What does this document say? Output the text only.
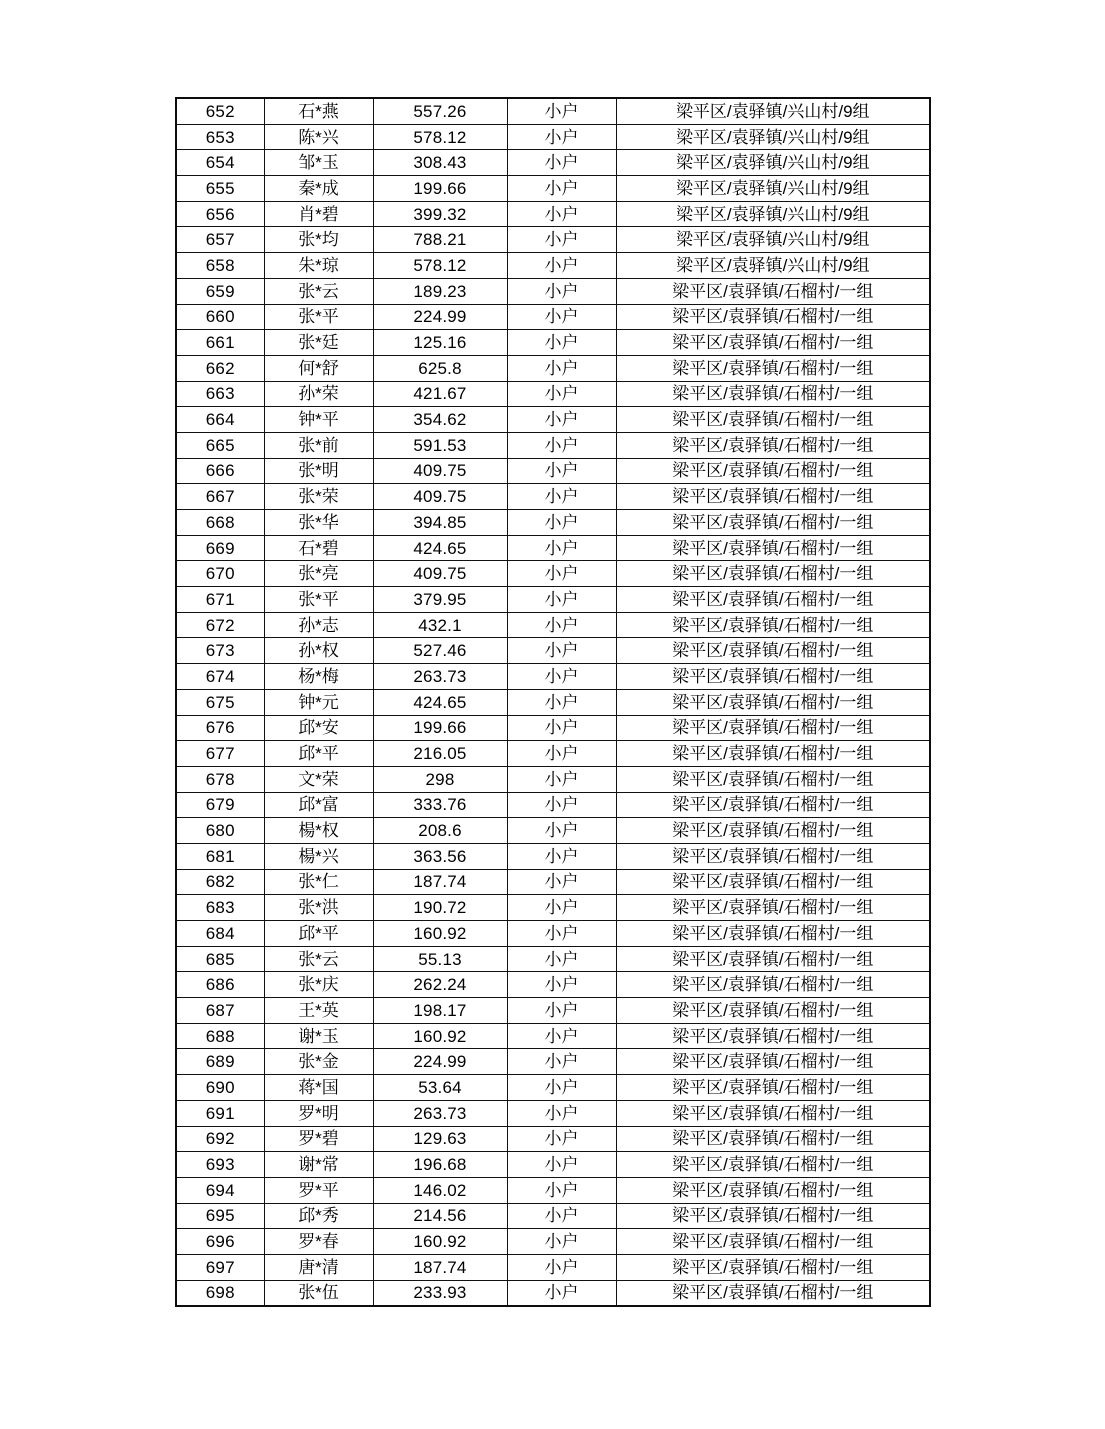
652	石*燕	557.26	小户	梁平区/袁驿镇/兴山村/9组
653	陈*兴	578.12	小户	梁平区/袁驿镇/兴山村/9组
654	邹*玉	308.43	小户	梁平区/袁驿镇/兴山村/9组
655	秦*成	199.66	小户	梁平区/袁驿镇/兴山村/9组
656	肖*碧	399.32	小户	梁平区/袁驿镇/兴山村/9组
657	张*均	788.21	小户	梁平区/袁驿镇/兴山村/9组
658	朱*琼	578.12	小户	梁平区/袁驿镇/兴山村/9组
659	张*云	189.23	小户	梁平区/袁驿镇/石榴村/一组
660	张*平	224.99	小户	梁平区/袁驿镇/石榴村/一组
661	张*廷	125.16	小户	梁平区/袁驿镇/石榴村/一组
662	何*舒	625.8	小户	梁平区/袁驿镇/石榴村/一组
663	孙*荣	421.67	小户	梁平区/袁驿镇/石榴村/一组
664	钟*平	354.62	小户	梁平区/袁驿镇/石榴村/一组
665	张*前	591.53	小户	梁平区/袁驿镇/石榴村/一组
666	张*明	409.75	小户	梁平区/袁驿镇/石榴村/一组
667	张*荣	409.75	小户	梁平区/袁驿镇/石榴村/一组
668	张*华	394.85	小户	梁平区/袁驿镇/石榴村/一组
669	石*碧	424.65	小户	梁平区/袁驿镇/石榴村/一组
670	张*亮	409.75	小户	梁平区/袁驿镇/石榴村/一组
671	张*平	379.95	小户	梁平区/袁驿镇/石榴村/一组
672	孙*志	432.1	小户	梁平区/袁驿镇/石榴村/一组
673	孙*权	527.46	小户	梁平区/袁驿镇/石榴村/一组
674	杨*梅	263.73	小户	梁平区/袁驿镇/石榴村/一组
675	钟*元	424.65	小户	梁平区/袁驿镇/石榴村/一组
676	邱*安	199.66	小户	梁平区/袁驿镇/石榴村/一组
677	邱*平	216.05	小户	梁平区/袁驿镇/石榴村/一组
678	文*荣	298	小户	梁平区/袁驿镇/石榴村/一组
679	邱*富	333.76	小户	梁平区/袁驿镇/石榴村/一组
680	楊*权	208.6	小户	梁平区/袁驿镇/石榴村/一组
681	楊*兴	363.56	小户	梁平区/袁驿镇/石榴村/一组
682	张*仁	187.74	小户	梁平区/袁驿镇/石榴村/一组
683	张*洪	190.72	小户	梁平区/袁驿镇/石榴村/一组
684	邱*平	160.92	小户	梁平区/袁驿镇/石榴村/一组
685	张*云	55.13	小户	梁平区/袁驿镇/石榴村/一组
686	张*庆	262.24	小户	梁平区/袁驿镇/石榴村/一组
687	王*英	198.17	小户	梁平区/袁驿镇/石榴村/一组
688	谢*玉	160.92	小户	梁平区/袁驿镇/石榴村/一组
689	张*金	224.99	小户	梁平区/袁驿镇/石榴村/一组
690	蒋*国	53.64	小户	梁平区/袁驿镇/石榴村/一组
691	罗*明	263.73	小户	梁平区/袁驿镇/石榴村/一组
692	罗*碧	129.63	小户	梁平区/袁驿镇/石榴村/一组
693	谢*常	196.68	小户	梁平区/袁驿镇/石榴村/一组
694	罗*平	146.02	小户	梁平区/袁驿镇/石榴村/一组
695	邱*秀	214.56	小户	梁平区/袁驿镇/石榴村/一组
696	罗*春	160.92	小户	梁平区/袁驿镇/石榴村/一组
697	唐*清	187.74	小户	梁平区/袁驿镇/石榴村/一组
698	张*伍	233.93	小户	梁平区/袁驿镇/石榴村/一组
